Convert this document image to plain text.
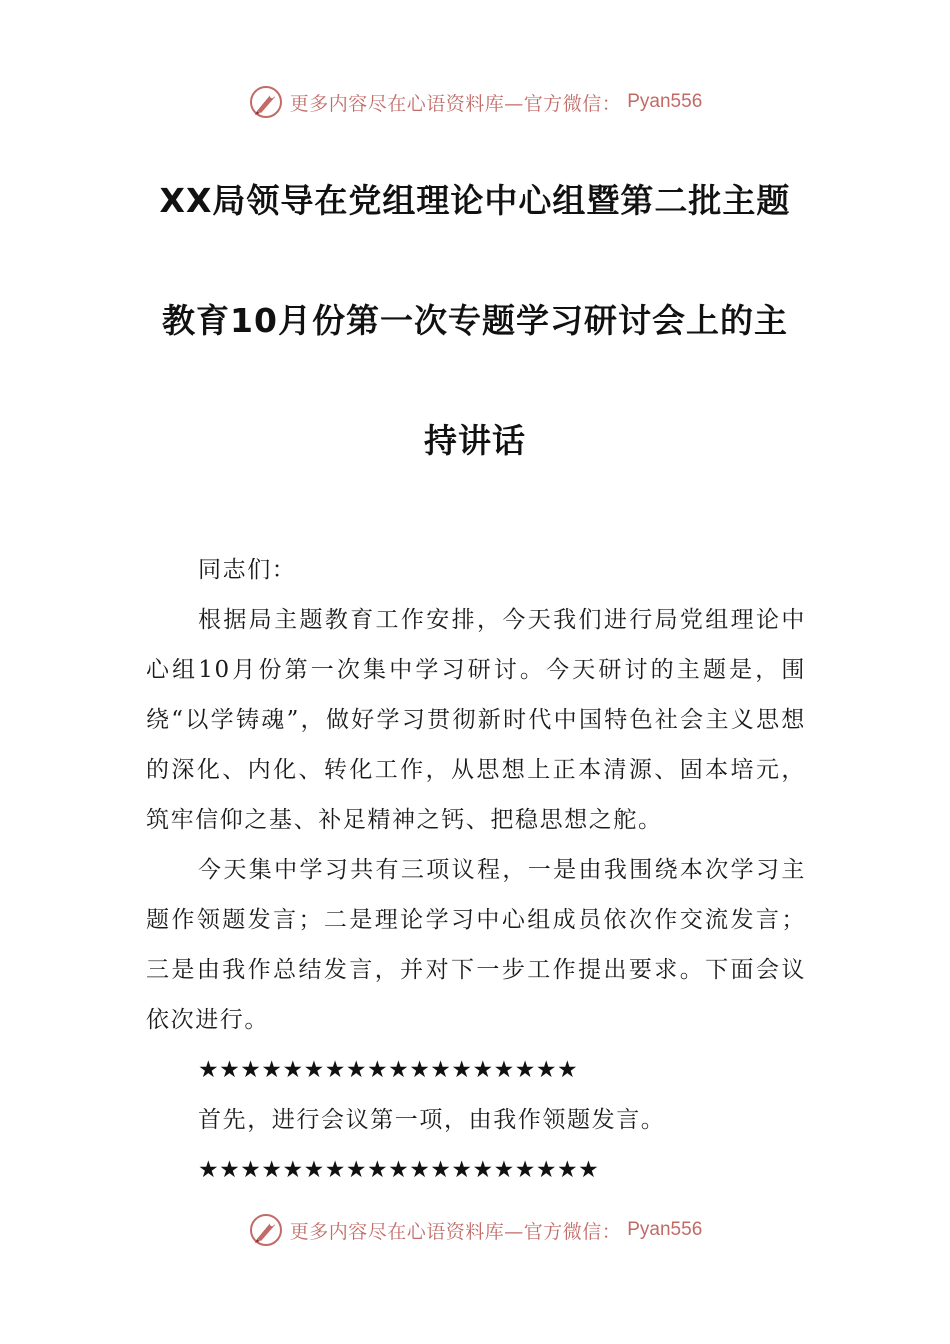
更多内容尽在心语资料库—官方微信： Pyan556
XX局领导在党组理论中心组暨第二批主题
教育10月份第一次专题学习研讨会上的主
持讲话
同志们：
根据局主题教育工作安排，今天我们进行局党组理论中心组10月份第一次集中学习研讨。今天研讨的主题是，围绕“以学铸魂”，做好学习贯彻新时代中国特色社会主义思想的深化、内化、转化工作，从思想上正本清源、固本培元，筑牢信仰之基、补足精神之钙、把稳思想之舵。
今天集中学习共有三项议程，一是由我围绕本次学习主题作领题发言；二是理论学习中心组成员依次作交流发言；三是由我作总结发言，并对下一步工作提出要求。下面会议依次进行。
★★★★★★★★★★★★★★★★★★
首先，进行会议第一项，由我作领题发言。
★★★★★★★★★★★★★★★★★★★
更多内容尽在心语资料库—官方微信： Pyan556
